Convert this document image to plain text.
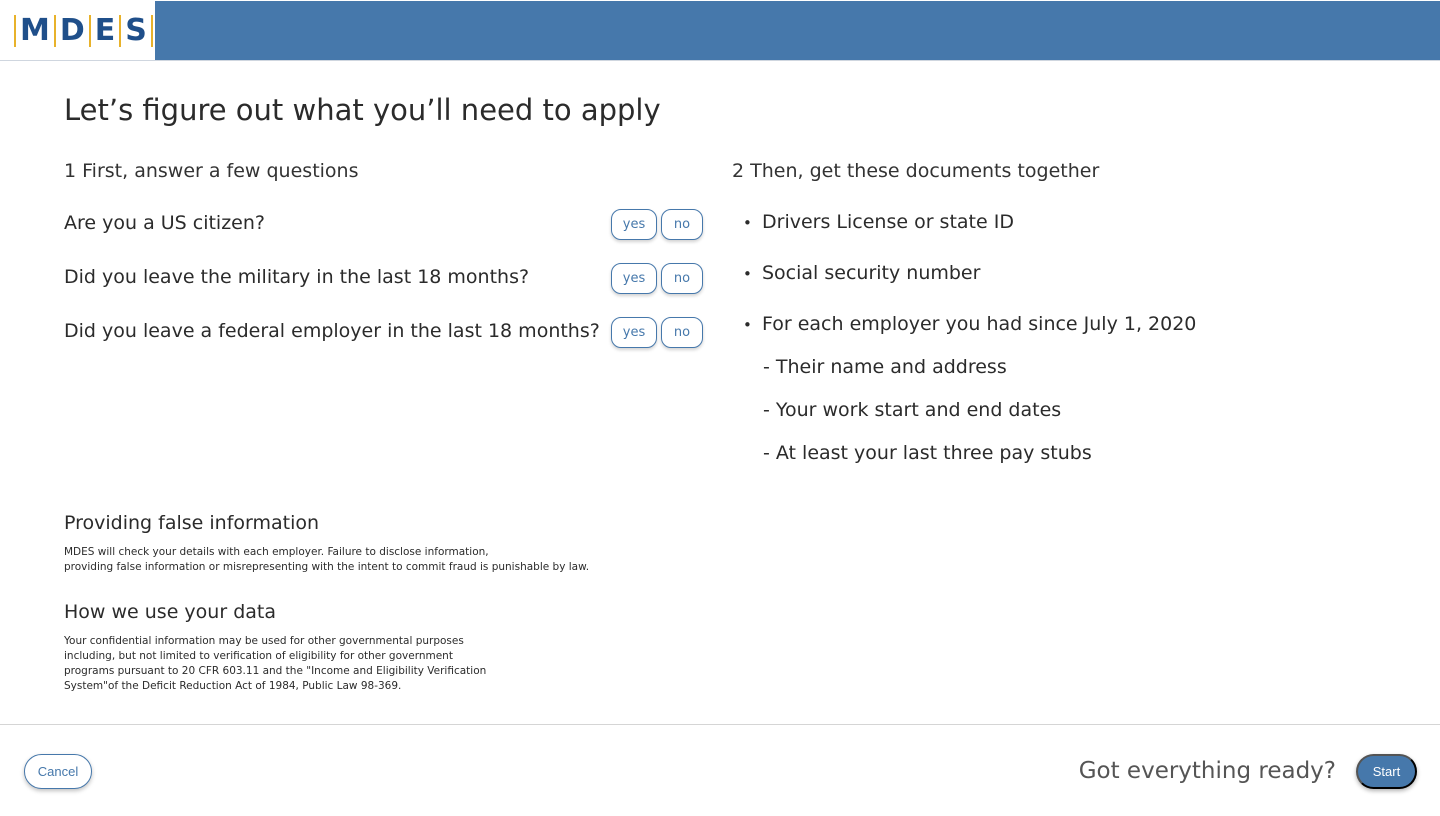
M D E S
Let’s figure out what you’ll need to apply
1 First, answer a few questions
Are you a US citizen?	yes	no
Did you leave the military in the last 18 months?	yes	no
Did you leave a federal employer in the last 18 months?	yes	no
2 Then, get these documents together
• Drivers License or state ID
• Social security number
• For each employer you had since July 1, 2020
- Their name and address
- Your work start and end dates
- At least your last three pay stubs
Providing false information
MDES will check your details with each employer. Failure to disclose information,
providing false information or misrepresenting with the intent to commit fraud is punishable by law.
How we use your data
Your confidential information may be used for other governmental purposes
including, but not limited to verification of eligibility for other government
programs pursuant to 20 CFR 603.11 and the "Income and Eligibility Verification
System"of the Deficit Reduction Act of 1984, Public Law 98-369.
Cancel	Got everything ready?	Start
